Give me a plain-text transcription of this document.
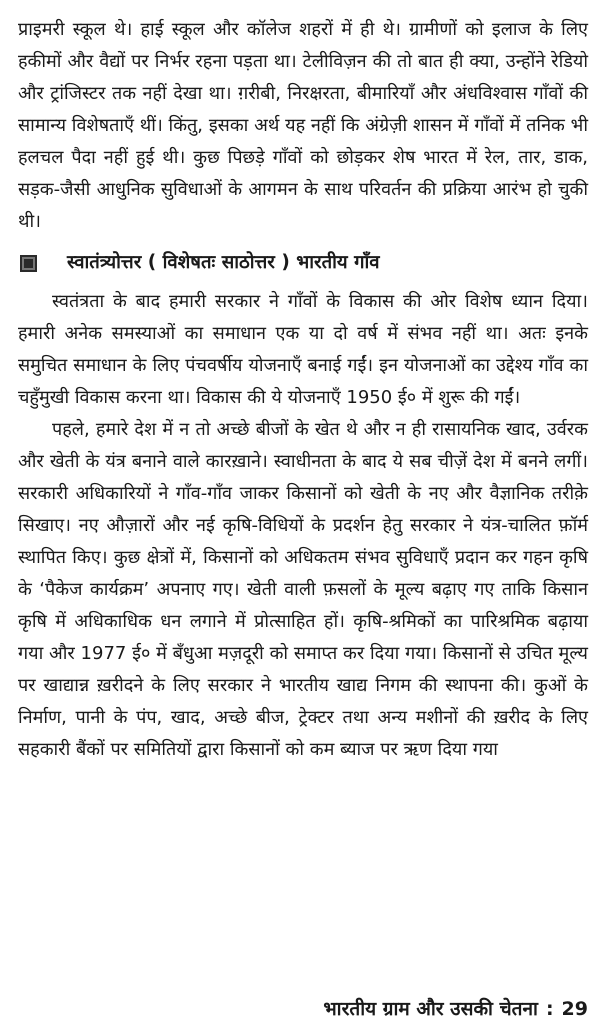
प्राइमरी स्कूल थे। हाई स्कूल और कॉलेज शहरों में ही थे। ग्रामीणों को इलाज के लिए हकीमों और वैद्यों पर निर्भर रहना पड़ता था। टेलीविज़न की तो बात ही क्या, उन्होंने रेडियो और ट्रांजिस्टर तक नहीं देखा था। ग़रीबी, निरक्षरता, बीमारियाँ और अंधविश्वास गाँवों की सामान्य विशेषताएँ थीं। किंतु, इसका अर्थ यह नहीं कि अंग्रेज़ी शासन में गाँवों में तनिक भी हलचल पैदा नहीं हुई थी। कुछ पिछड़े गाँवों को छोड़कर शेष भारत में रेल, तार, डाक, सड़क-जैसी आधुनिक सुविधाओं के आगमन के साथ परिवर्तन की प्रक्रिया आरंभ हो चुकी थी।

स्वातंत्र्योत्तर ( विशेषतः साठोत्तर ) भारतीय गाँव

स्वतंत्रता के बाद हमारी सरकार ने गाँवों के विकास की ओर विशेष ध्यान दिया। हमारी अनेक समस्याओं का समाधान एक या दो वर्ष में संभव नहीं था। अतः इनके समुचित समाधान के लिए पंचवर्षीय योजनाएँ बनाई गईं। इन योजनाओं का उद्देश्य गाँव का चहुँमुखी विकास करना था। विकास की ये योजनाएँ 1950 ई० में शुरू की गईं।

पहले, हमारे देश में न तो अच्छे बीजों के खेत थे और न ही रासायनिक खाद, उर्वरक और खेती के यंत्र बनाने वाले कारख़ाने। स्वाधीनता के बाद ये सब चीज़ें देश में बनने लगीं। सरकारी अधिकारियों ने गाँव-गाँव जाकर किसानों को खेती के नए और वैज्ञानिक तरीक़े सिखाए। नए औज़ारों और नई कृषि-विधियों के प्रदर्शन हेतु सरकार ने यंत्र-चालित फ़ॉर्म स्थापित किए। कुछ क्षेत्रों में, किसानों को अधिकतम संभव सुविधाएँ प्रदान कर गहन कृषि के ‘पैकेज कार्यक्रम’ अपनाए गए। खेती वाली फ़सलों के मूल्य बढ़ाए गए ताकि किसान कृषि में अधिकाधिक धन लगाने में प्रोत्साहित हों। कृषि-श्रमिकों का पारिश्रमिक बढ़ाया गया और 1977 ई० में बँधुआ मज़दूरी को समाप्त कर दिया गया। किसानों से उचित मूल्य पर खाद्यान्न ख़रीदने के लिए सरकार ने भारतीय खाद्य निगम की स्थापना की। कुओं के निर्माण, पानी के पंप, खाद, अच्छे बीज, ट्रेक्टर तथा अन्य मशीनों की ख़रीद के लिए सहकारी बैंकों पर समितियों द्वारा किसानों को कम ब्याज पर ऋण दिया गया

भारतीय ग्राम और उसकी चेतना : 29
